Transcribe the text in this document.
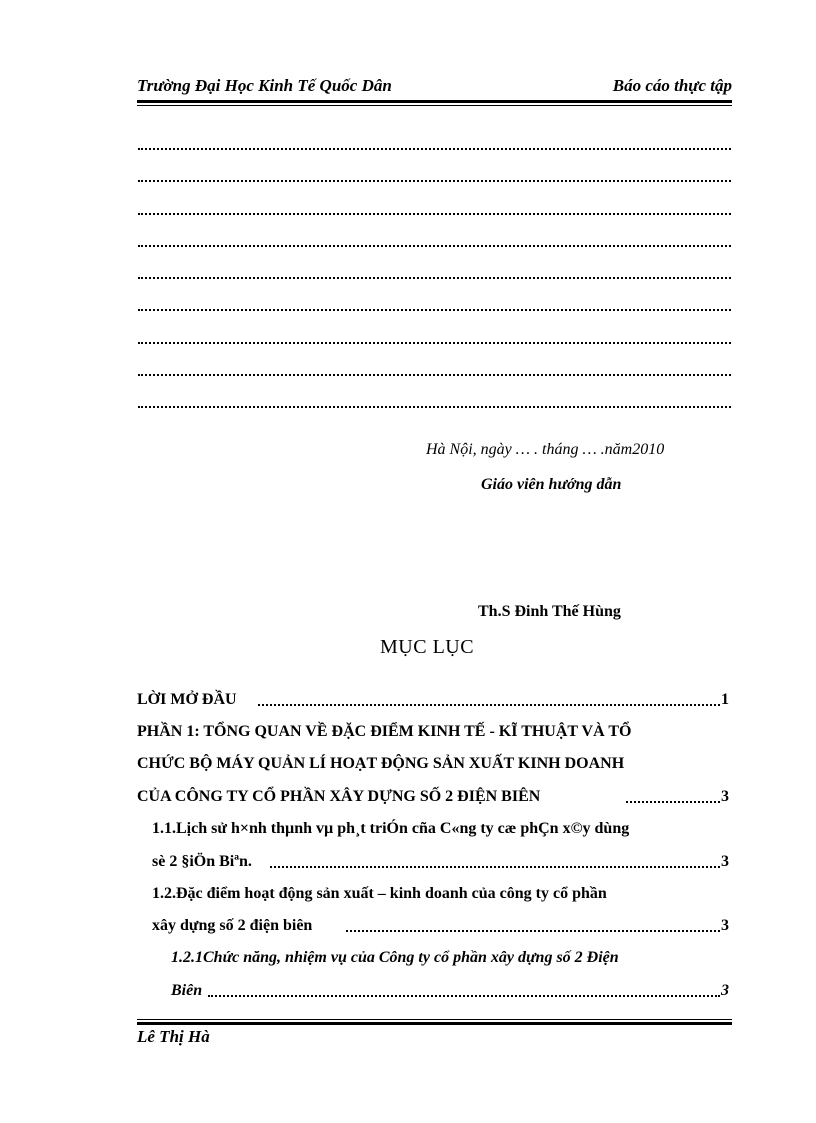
Trường Đại Học Kinh Tế Quốc Dân	Báo cáo thực tập
Hà Nội, ngày … . tháng … .năm2010
Giáo viên hướng dẫn
Th.S Đinh Thế Hùng
MỤC LỤC
LỜI MỞ ĐẦU	1
PHẦN 1: TỔNG QUAN VỀ ĐẶC ĐIỂM KINH TẾ - KĨ THUẬT VÀ TỔ
CHỨC BỘ MÁY QUẢN LÍ HOẠT ĐỘNG SẢN XUẤT KINH DOANH
CỦA CÔNG TY CỔ PHẦN XÂY DỰNG SỐ 2 ĐIỆN BIÊN	3
1.1.Lịch sử h×nh thµnh vµ ph¸t triÓn cña C«ng ty cæ phÇn x©y dùng
sè 2 §iÖn Biªn.	3
1.2.Đặc điểm hoạt động sản xuất – kinh doanh của công ty cổ phần
xây dựng số 2 điện biên	3
1.2.1Chức năng, nhiệm vụ của Công ty cổ phần xây dựng số 2 Điện
Biên	3
Lê Thị Hà
